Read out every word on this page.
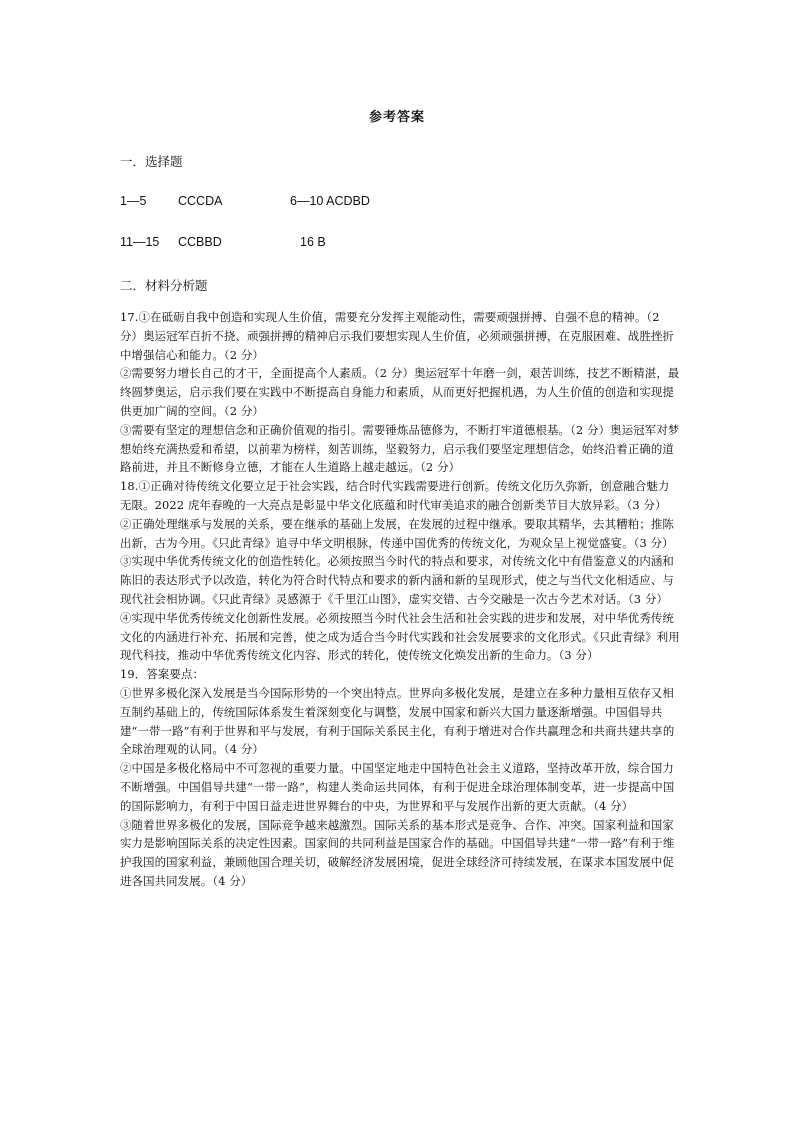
参考答案
一．选择题
1—5	CCCDA	6—10 ACDBD
11—15 CCBBD	16 B
二．材料分析题

17.①在砥砺自我中创造和实现人生价值，需要充分发挥主观能动性，需要顽强拼搏、自强不息的精神。（2 分）奥运冠军百折不挠、顽强拼搏的精神启示我们要想实现人生价值，必须顽强拼搏，在克服困难、战胜挫折中增强信心和能力。（2 分）

②需要努力增长自己的才干，全面提高个人素质。（2 分）奥运冠军十年磨一剑，艰苦训练，技艺不断精湛，最终圆梦奥运，启示我们要在实践中不断提高自身能力和素质，从而更好把握机遇，为人生价值的创造和实现提供更加广阔的空间。（2 分）

③需要有坚定的理想信念和正确价值观的指引。需要锤炼品德修为，不断打牢道德根基。（2 分）奥运冠军对梦想始终充满热爱和希望，以前辈为榜样，刻苦训练，坚毅努力，启示我们要坚定理想信念，始终沿着正确的道路前进，并且不断修身立德，才能在人生道路上越走越远。（2 分）

18.①正确对待传统文化要立足于社会实践，结合时代实践需要进行创新。传统文化历久弥新，创意融合魅力无限。2022 虎年春晚的一大亮点是彰显中华文化底蕴和时代审美追求的融合创新类节目大放异彩。（3 分）

②正确处理继承与发展的关系，要在继承的基础上发展，在发展的过程中继承。要取其精华，去其糟粕；推陈出新，古为今用。《只此青绿》追寻中华文明根脉，传递中国优秀的传统文化，为观众呈上视觉盛宴。（3 分）

③实现中华优秀传统文化的创造性转化。必须按照当今时代的特点和要求，对传统文化中有借鉴意义的内涵和陈旧的表达形式予以改造，转化为符合时代特点和要求的新内涵和新的呈现形式，使之与当代文化相适应、与现代社会相协调。《只此青绿》灵感源于《千里江山图》，虚实交错、古今交融是一次古今艺术对话。（3 分）

④实现中华优秀传统文化创新性发展。必须按照当今时代社会生活和社会实践的进步和发展，对中华优秀传统文化的内涵进行补充、拓展和完善，使之成为适合当今时代实践和社会发展要求的文化形式。《只此青绿》利用现代科技，推动中华优秀传统文化内容、形式的转化，使传统文化焕发出新的生命力。（3 分）

19．答案要点：

①世界多极化深入发展是当今国际形势的一个突出特点。世界向多极化发展，是建立在多种力量相互依存又相互制约基础上的，传统国际体系发生着深刻变化与调整，发展中国家和新兴大国力量逐渐增强。中国倡导共建“一带一路”有利于世界和平与发展，有利于国际关系民主化，有利于增进对合作共赢理念和共商共建共享的全球治理观的认同。（4 分）

②中国是多极化格局中不可忽视的重要力量。中国坚定地走中国特色社会主义道路，坚持改革开放，综合国力不断增强。中国倡导共建“一带一路”，构建人类命运共同体，有利于促进全球治理体制变革，进一步提高中国的国际影响力，有利于中国日益走进世界舞台的中央，为世界和平与发展作出新的更大贡献。（4 分）

③随着世界多极化的发展，国际竞争越来越激烈。国际关系的基本形式是竞争、合作、冲突。国家利益和国家实力是影响国际关系的决定性因素。国家间的共同利益是国家合作的基础。中国倡导共建“一带一路”有利于维护我国的国家利益，兼顾他国合理关切，破解经济发展困境，促进全球经济可持续发展，在谋求本国发展中促进各国共同发展。（4 分）
